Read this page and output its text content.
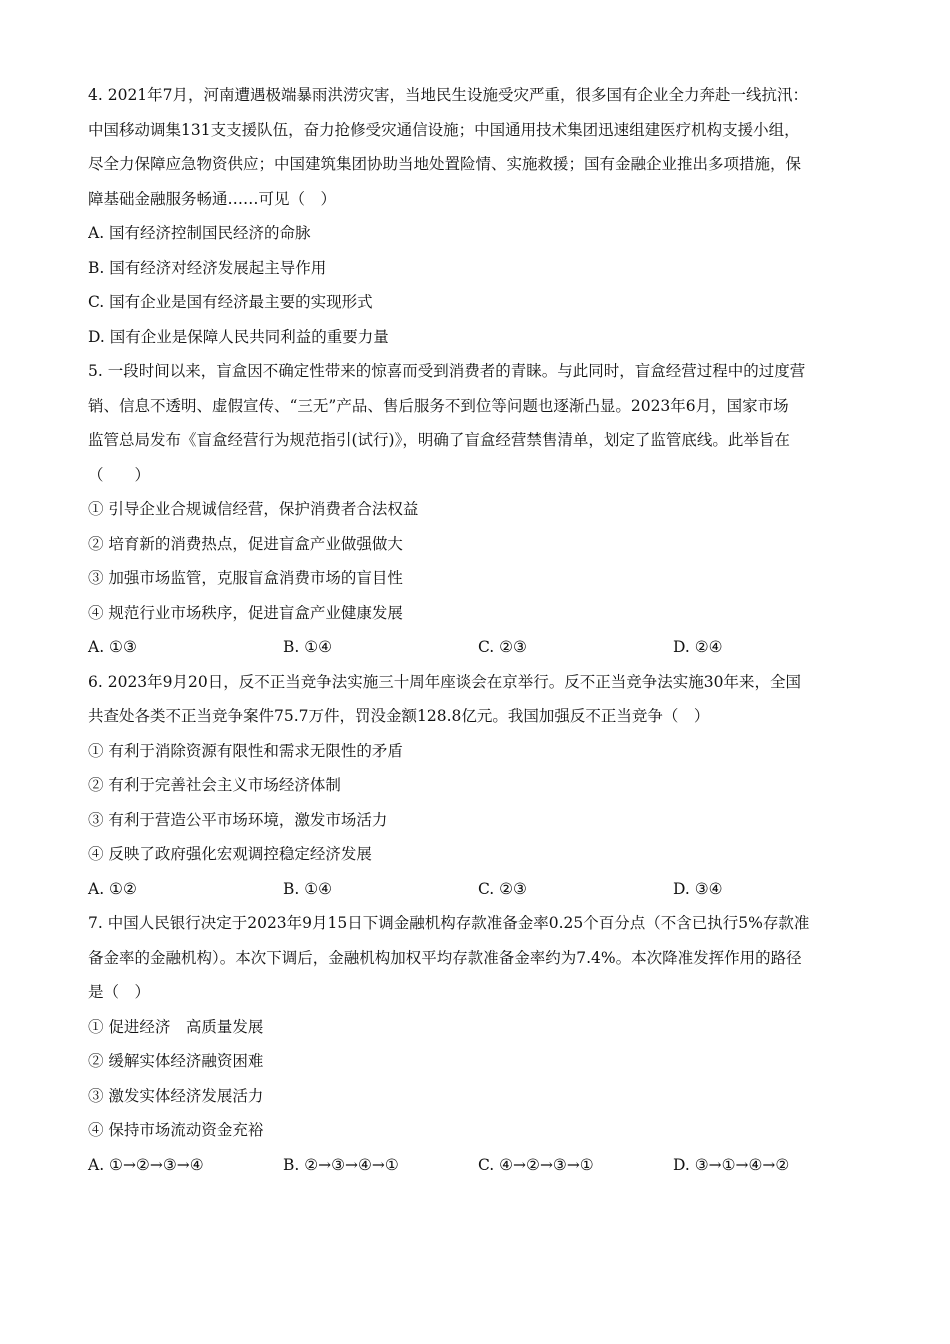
4. 2021年7月，河南遭遇极端暴雨洪涝灾害，当地民生设施受灾严重，很多国有企业全力奔赴一线抗汛：
中国移动调集131支支援队伍，奋力抢修受灾通信设施；中国通用技术集团迅速组建医疗机构支援小组，
尽全力保障应急物资供应；中国建筑集团协助当地处置险情、实施救援；国有金融企业推出多项措施，保
障基础金融服务畅通……可见（　）
A. 国有经济控制国民经济的命脉
B. 国有经济对经济发展起主导作用
C. 国有企业是国有经济最主要的实现形式
D. 国有企业是保障人民共同利益的重要力量
5. 一段时间以来，盲盒因不确定性带来的惊喜而受到消费者的青睐。与此同时，盲盒经营过程中的过度营
销、信息不透明、虚假宣传、“三无”产品、售后服务不到位等问题也逐渐凸显。2023年6月，国家市场
监管总局发布《盲盒经营行为规范指引(试行)》，明确了盲盒经营禁售清单，划定了监管底线。此举旨在
（　　）
① 引导企业合规诚信经营，保护消费者合法权益
② 培育新的消费热点，促进盲盒产业做强做大
③ 加强市场监管，克服盲盒消费市场的盲目性
④ 规范行业市场秩序，促进盲盒产业健康发展
A. ①③	B. ①④	C. ②③	D. ②④
6. 2023年9月20日，反不正当竞争法实施三十周年座谈会在京举行。反不正当竞争法实施30年来，全国
共查处各类不正当竞争案件75.7万件，罚没金额128.8亿元。我国加强反不正当竞争（　）
① 有利于消除资源有限性和需求无限性的矛盾
② 有利于完善社会主义市场经济体制
③ 有利于营造公平市场环境，激发市场活力
④ 反映了政府强化宏观调控稳定经济发展
A. ①②	B. ①④	C. ②③	D. ③④
7. 中国人民银行决定于2023年9月15日下调金融机构存款准备金率0.25个百分点（不含已执行5%存款准
备金率的金融机构）。本次下调后，金融机构加权平均存款准备金率约为7.4%。本次降准发挥作用的路径
是（　）
① 促进经济　高质量发展
② 缓解实体经济融资困难
③ 激发实体经济发展活力
④ 保持市场流动资金充裕
A. ①→②→③→④	B. ②→③→④→①	C. ④→②→③→①	D. ③→①→④→②
